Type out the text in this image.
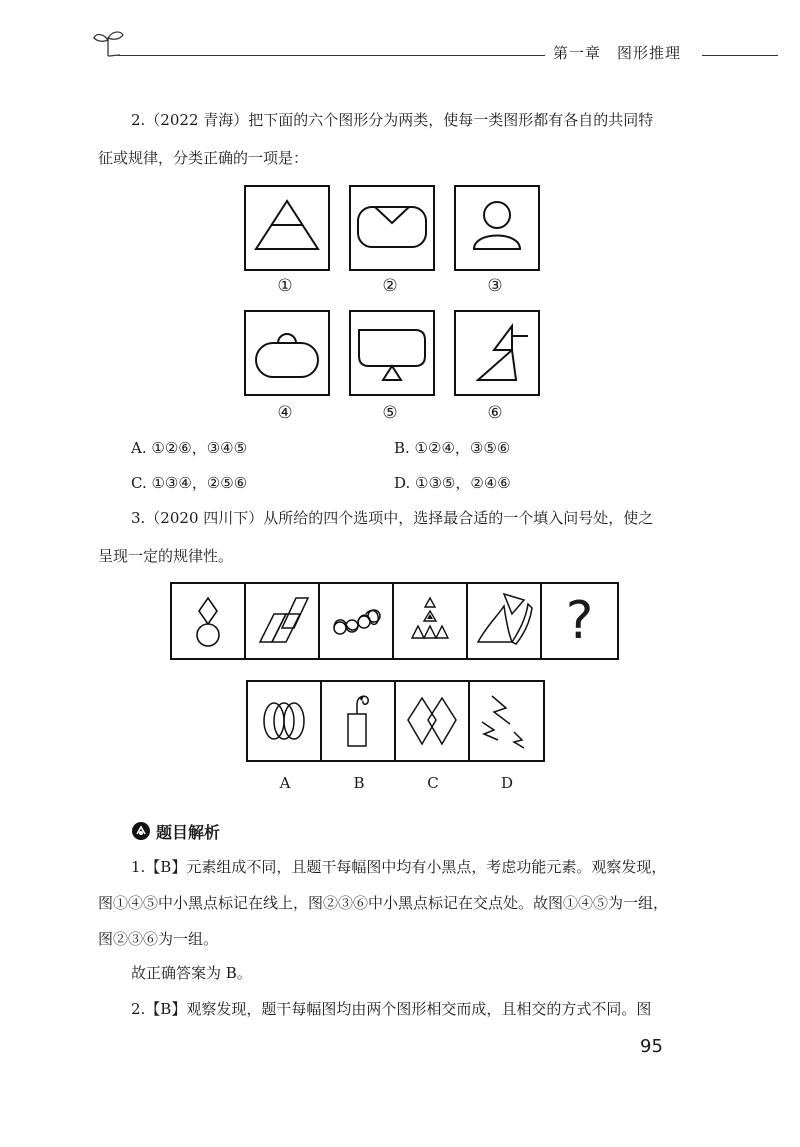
第一章　图形推理
2.（2022 青海）把下面的六个图形分为两类，使每一类图形都有各自的共同特
征或规律，分类正确的一项是：
①	②	③
④	⑤	⑥
A. ①②⑥，③④⑤	B. ①②④，③⑤⑥
C. ①③④，②⑤⑥	D. ①③⑤，②④⑥
3.（2020 四川下）从所给的四个选项中，选择最合适的一个填入问号处，使之
呈现一定的规律性。
?
A	B	C	D
题目解析
1.【B】元素组成不同，且题干每幅图中均有小黑点，考虑功能元素。观察发现，
图①④⑤中小黑点标记在线上，图②③⑥中小黑点标记在交点处。故图①④⑤为一组，
图②③⑥为一组。
故正确答案为 B。
2.【B】观察发现，题干每幅图均由两个图形相交而成，且相交的方式不同。图
95
